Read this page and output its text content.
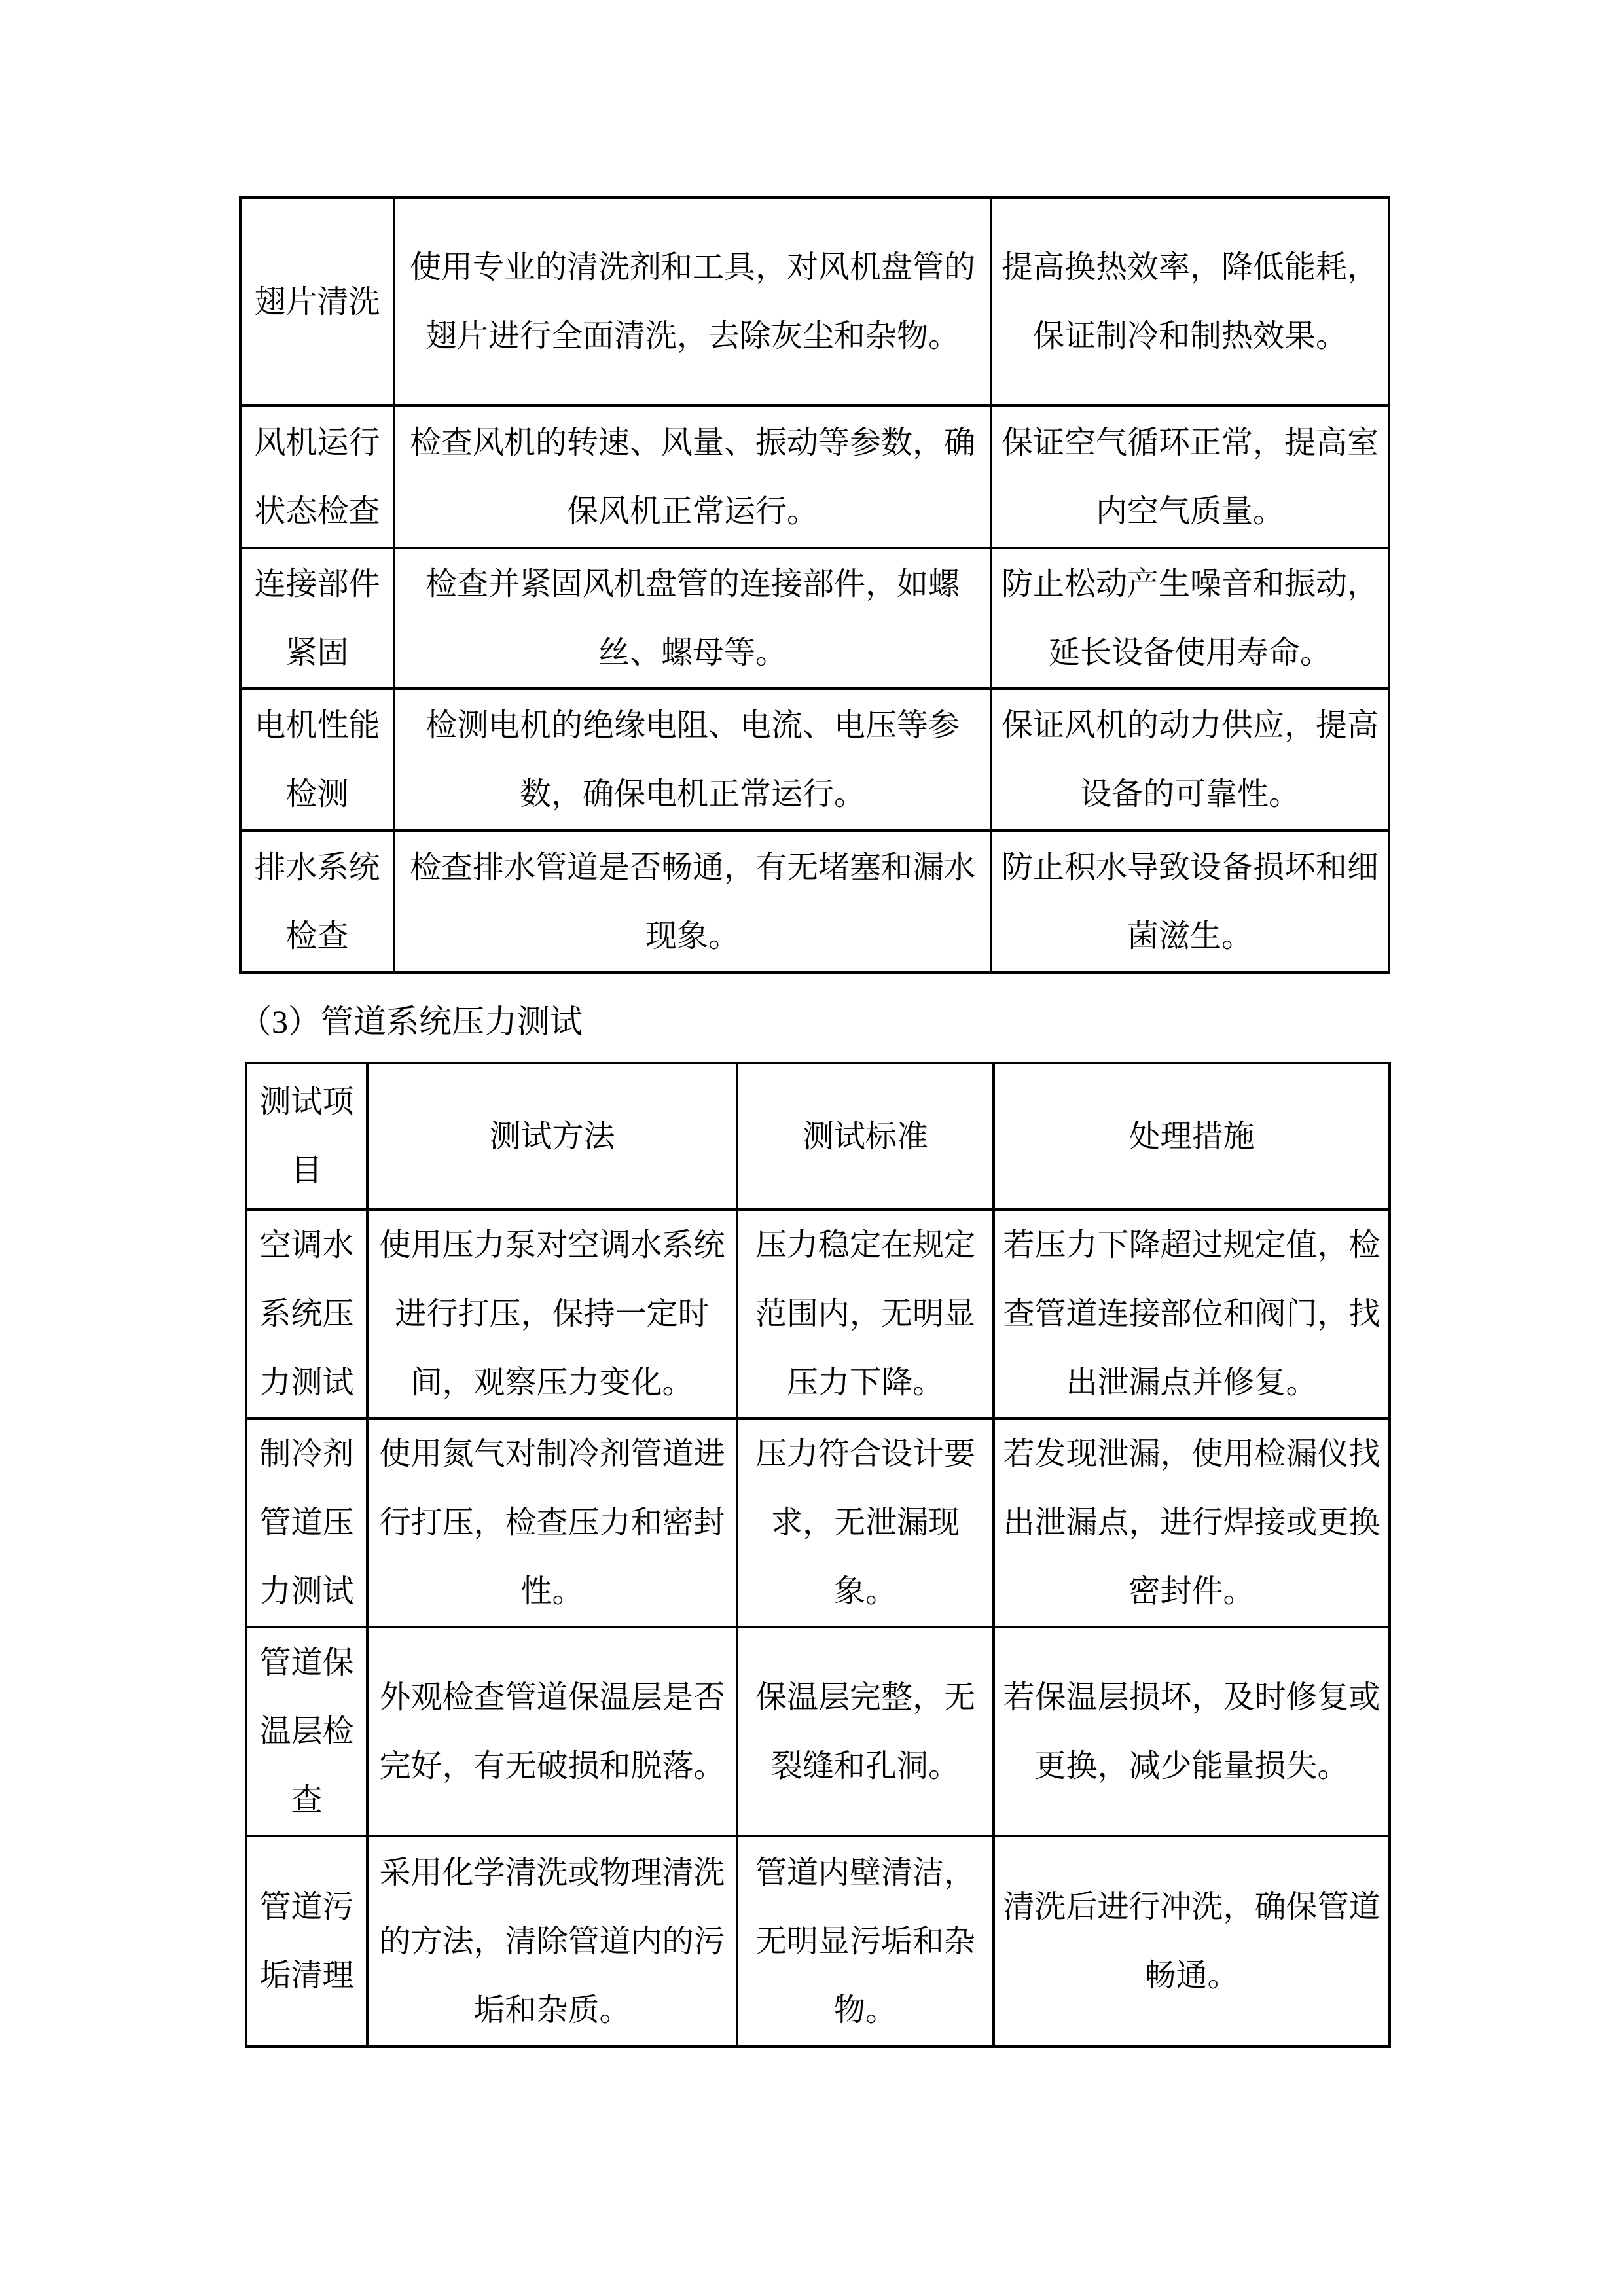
翅片清洗	使用专业的清洗剂和工具，对风机盘管的翅片进行全面清洗，去除灰尘和杂物。	提高换热效率，降低能耗，保证制冷和制热效果。
风机运行状态检查	检查风机的转速、风量、振动等参数，确保风机正常运行。	保证空气循环正常，提高室内空气质量。
连接部件紧固	检查并紧固风机盘管的连接部件，如螺丝、螺母等。	防止松动产生噪音和振动，延长设备使用寿命。
电机性能检测	检测电机的绝缘电阻、电流、电压等参数，确保电机正常运行。	保证风机的动力供应，提高设备的可靠性。
排水系统检查	检查排水管道是否畅通，有无堵塞和漏水现象。	防止积水导致设备损坏和细菌滋生。
（3）管道系统压力测试
测试项目	测试方法	测试标准	处理措施
空调水系统压力测试	使用压力泵对空调水系统进行打压，保持一定时间，观察压力变化。	压力稳定在规定范围内，无明显压力下降。	若压力下降超过规定值，检查管道连接部位和阀门，找出泄漏点并修复。
制冷剂管道压力测试	使用氮气对制冷剂管道进行打压，检查压力和密封性。	压力符合设计要求，无泄漏现象。	若发现泄漏，使用检漏仪找出泄漏点，进行焊接或更换密封件。
管道保温层检查	外观检查管道保温层是否完好，有无破损和脱落。	保温层完整，无裂缝和孔洞。	若保温层损坏，及时修复或更换，减少能量损失。
管道污垢清理	采用化学清洗或物理清洗的方法，清除管道内的污垢和杂质。	管道内壁清洁，无明显污垢和杂物。	清洗后进行冲洗，确保管道畅通。
